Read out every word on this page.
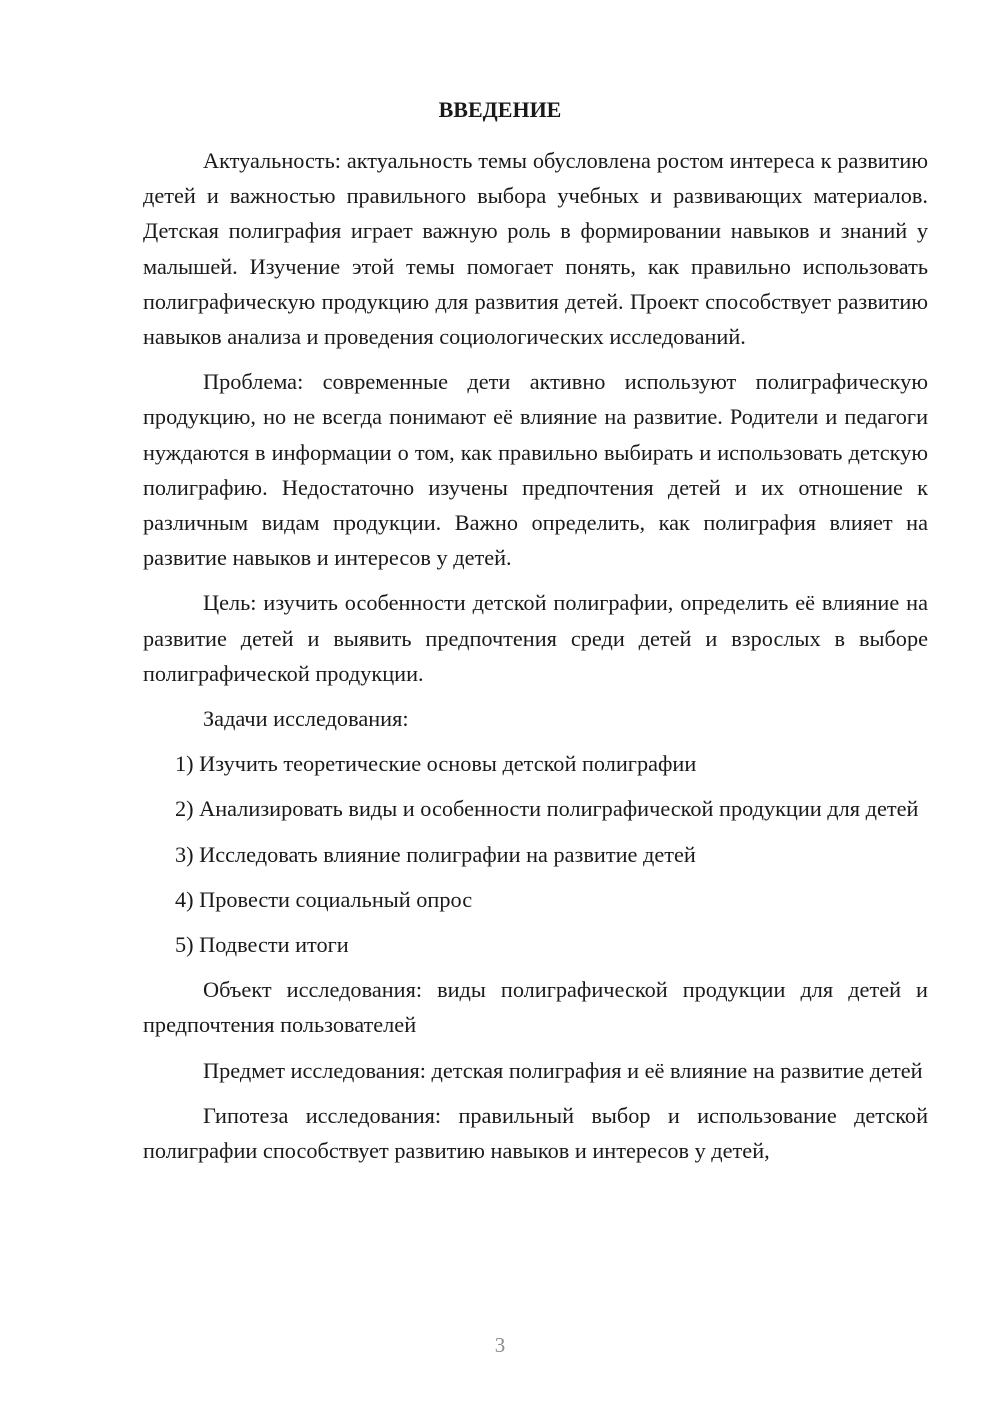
ВВЕДЕНИЕ

Актуальность: актуальность темы обусловлена ростом интереса к развитию детей и важностью правильного выбора учебных и развивающих материалов. Детская полиграфия играет важную роль в формировании навыков и знаний у малышей. Изучение этой темы помогает понять, как правильно использовать полиграфическую продукцию для развития детей. Проект способствует развитию навыков анализа и проведения социологических исследований.

Проблема: современные дети активно используют полиграфическую продукцию, но не всегда понимают её влияние на развитие. Родители и педагоги нуждаются в информации о том, как правильно выбирать и использовать детскую полиграфию. Недостаточно изучены предпочтения детей и их отношение к различным видам продукции. Важно определить, как полиграфия влияет на развитие навыков и интересов у детей.

Цель: изучить особенности детской полиграфии, определить её влияние на развитие детей и выявить предпочтения среди детей и взрослых в выборе полиграфической продукции.

Задачи исследования:

1) Изучить теоретические основы детской полиграфии

2) Анализировать виды и особенности полиграфической продукции для детей

3) Исследовать влияние полиграфии на развитие детей

4) Провести социальный опрос

5) Подвести итоги

Объект исследования: виды полиграфической продукции для детей и предпочтения пользователей

Предмет исследования: детская полиграфия и её влияние на развитие детей

Гипотеза исследования: правильный выбор и использование детской полиграфии способствует развитию навыков и интересов у детей,

3
